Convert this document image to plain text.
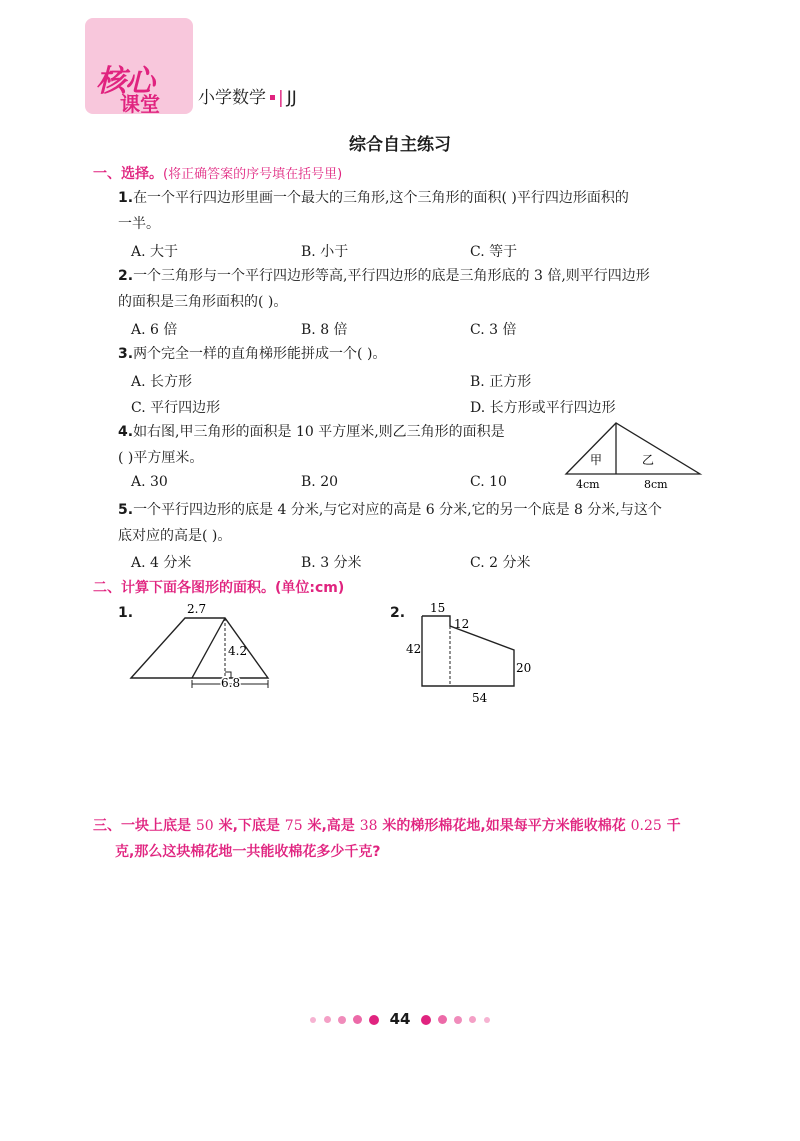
核心
课堂 小学数学 | JJ
综合自主练习
一、选择。(将正确答案的序号填在括号里)
1.在一个平行四边形里画一个最大的三角形,这个三角形的面积( )平行四边形面积的
一半。
A. 大于	B. 小于	C. 等于
2.一个三角形与一个平行四边形等高,平行四边形的底是三角形底的 3 倍,则平行四边形
的面积是三角形面积的( )。
A. 6 倍	B. 8 倍	C. 3 倍
3.两个完全一样的直角梯形能拼成一个( )。
A. 长方形	B. 正方形
C. 平行四边形	D. 长方形或平行四边形
4.如右图,甲三角形的面积是 10 平方厘米,则乙三角形的面积是
( )平方厘米。
A. 30	B. 20	C. 10
甲	乙
4cm	8cm
5.一个平行四边形的底是 4 分米,与它对应的高是 6 分米,它的另一个底是 8 分米,与这个
底对应的高是( )。
A. 4 分米	B. 3 分米	C. 2 分米
二、计算下面各图形的面积。(单位:cm)
1.	2.7
4.2
6.8
2. 15
12
42
20
54
三、一块上底是 50 米,下底是 75 米,高是 38 米的梯形棉花地,如果每平方米能收棉花 0.25 千
克,那么这块棉花地一共能收棉花多少千克?
44
